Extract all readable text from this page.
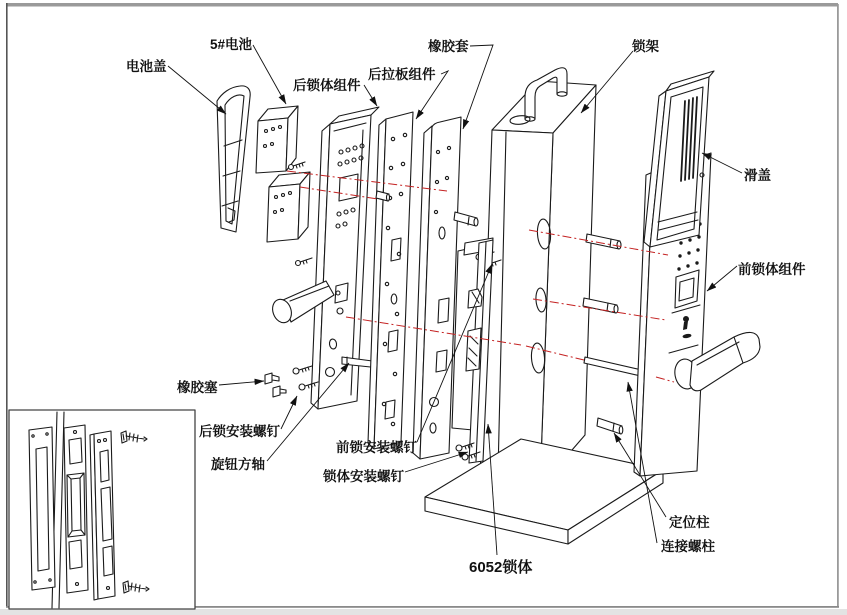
电池盖
5#电池
后锁体组件
后拉板组件
橡胶套	锁架
滑盖
前锁体组件
橡胶塞
后锁安装螺钉
旋钮方轴
前锁安装螺钉
锁体安装螺钉
6052锁体
定位柱
连接螺柱
